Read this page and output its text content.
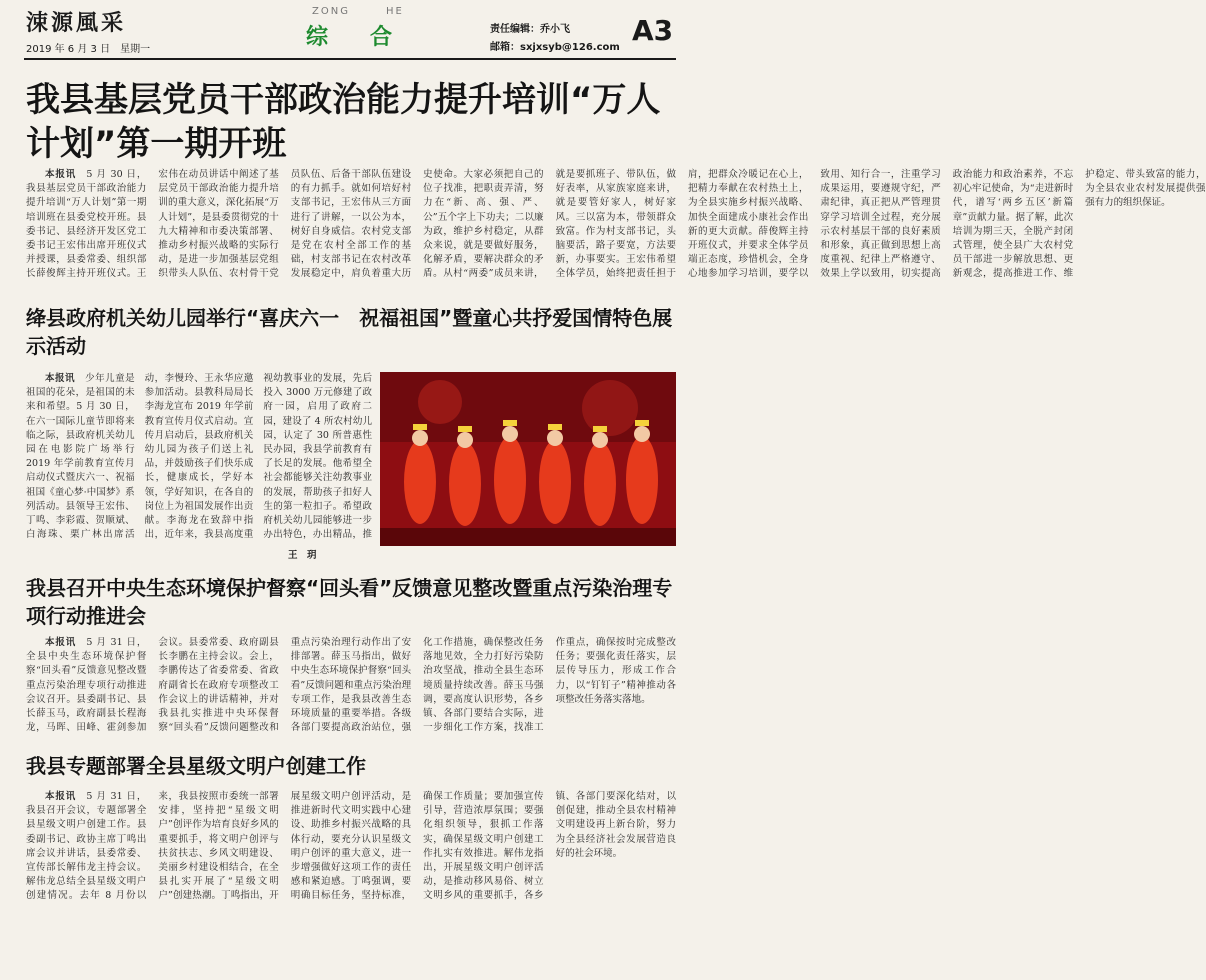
涑源風采
2019 年 6 月 3 日　星期一
ZONG	HE
综 合	责任编辑：乔小飞
邮箱：sxjxsyb@126.com
A3
我县基层党员干部政治能力提升培训“万人计划”第一期开班

本报讯　 5 月 30 日，我县基层党员干部政治能力提升培训“万人计划”第一期培训班在县委党校开班。县委书记、县经济开发区党工委书记王宏伟出席开班仪式并授课，县委常委、组织部长薛俊辉主持开班仪式。王宏伟在动员讲话中阐述了基层党员干部政治能力提升培训的重大意义，深化拓展“万人计划”，是县委贯彻党的十九大精神和市委决策部署、推动乡村振兴战略的实际行动，是进一步加强基层党组织带头人队伍、农村骨干党员队伍、后备干部队伍建设的有力抓手。就如何培好村支部书记，王宏伟从三方面进行了讲解，一以公为本，树好自身威信。农村党支部是党在农村全部工作的基础，村支部书记在农村改革发展稳定中，肩负着重大历史使命。大家必须把自己的位子找准，把职责弄清，努力在“新、高、强、严、公”五个字上下功夫；二以廉为政，维护乡村稳定，从群众来说，就是要做好服务，化解矛盾，要解决群众的矛盾。从村“两委”成员来讲，就是要抓班子、带队伍，做好表率，从家族家庭来讲，就是要管好家人，树好家风。三以富为本，带领群众致富。作为村支部书记，头脑要活，路子要宽，方法要新，办事要实。王宏伟希望全体学员，始终把责任担于肩，把群众冷暖记在心上，把精力奉献在农村热土上，为全县实施乡村振兴战略、加快全面建成小康社会作出新的更大贡献。薛俊辉主持开班仪式，并要求全体学员端正态度，珍惜机会，全身心地参加学习培训，要学以致用、知行合一，注重学习成果运用，要遵规守纪，严肃纪律，真正把从严管理贯穿学习培训全过程，充分展示农村基层干部的良好素质和形象，真正做到思想上高度重视、纪律上严格遵守、效果上学以致用，切实提高政治能力和政治素养，不忘初心牢记使命，为“走进新时代，谱写‘两乡五区’新篇章”贡献力量。据了解，此次培训为期三天，全脱产封闭式管理，使全县广大农村党员干部进一步解放思想、更新观念，提高推进工作、维护稳定、带头致富的能力，为全县农业农村发展提供强强有力的组织保证。

绛县政府机关幼儿园举行“喜庆六一　祝福祖国”暨童心共抒爱国情特色展示活动

本报讯　 少年儿童是祖国的花朵，是祖国的未来和希望。5 月 30 日，在六一国际儿童节即将来临之际，县政府机关幼儿园在电影院广场举行 2019 年学前教育宣传月启动仪式暨庆六一、祝福祖国《童心梦·中国梦》系列活动。县领导王宏伟、丁鸣、李彩霞、贺顺斌、白海珠、栗广林出席活动，李慢玲、王永华应邀参加活动。县教科局局长李海龙宣布 2019 年学前教育宣传月仪式启动。宣传月启动后，县政府机关幼儿园为孩子们送上礼品，并鼓励孩子们快乐成长，健康成长，学好本领，学好知识，在各自的岗位上为祖国发展作出贡献。李海龙在致辞中指出，近年来，我县高度重视幼教事业的发展，先后投入 3000 万元修建了政府一园，启用了政府二园，建设了 4 所农村幼儿园，认定了 30 所普惠性民办园，我县学前教育有了长足的发展。他希望全社会都能够关注幼教事业的发展，帮助孩子扣好人生的第一粒扣子。希望政府机关幼儿园能够进一步办出特色，办出精品，推

王　玥
我县召开中央生态环境保护督察“回头看”反馈意见整改暨重点污染治理专项行动推进会

本报讯　 5 月 31 日，全县中央生态环境保护督察“回头看”反馈意见整改暨重点污染治理专项行动推进会议召开。县委副书记、县长薛玉马，政府副县长程海龙，马晖、田峰、霍剑参加会议。县委常委、政府副县长李鹏在主持会议。会上，李鹏传达了省委常委、省政府副省长在政府专项整改工作会议上的讲话精神，并对我县扎实推进中央环保督察“回头看”反馈问题整改和重点污染治理行动作出了安排部署。薛玉马指出，做好中央生态环境保护督察“回头看”反馈问题和重点污染治理专项工作，是我县改善生态环境质量的重要举措。各级各部门要提高政治站位，强化工作措施，确保整改任务落地见效，全力打好污染防治攻坚战，推动全县生态环境质量持续改善。薛玉马强调，要高度认识形势，各乡镇、各部门要结合实际，进一步细化工作方案，找准工作重点，确保按时完成整改任务；要强化责任落实，层层传导压力，形成工作合力，以“钉钉子”精神推动各项整改任务落实落地。

我县专题部署全县星级文明户创建工作

本报讯　 5 月 31 日，我县召开会议，专题部署全县星级文明户创建工作。县委副书记、政协主席丁鸣出席会议并讲话，县委常委、宣传部长解伟龙主持会议。解伟龙总结全县星级文明户创建情况。去年 8 月份以来，我县按照市委统一部署安排，坚持把“星级文明户”创评作为培育良好乡风的重要抓手，将文明户创评与扶贫扶志、乡风文明建设、美丽乡村建设相结合，在全县扎实开展了“星级文明户”创建热潮。丁鸣指出，开展星级文明户创评活动，是推进新时代文明实践中心建设、助推乡村振兴战略的具体行动，要充分认识星级文明户创评的重大意义，进一步增强做好这项工作的责任感和紧迫感。丁鸣强调，要明确目标任务，坚持标准，确保工作质量；要加强宣传引导，营造浓厚氛围；要强化组织领导，狠抓工作落实，确保星级文明户创建工作扎实有效推进。解伟龙指出，开展星级文明户创评活动，是推动移风易俗、树立文明乡风的重要抓手，各乡镇、各部门要深化结对，以创促建，推动全县农村精神文明建设再上新台阶，努力为全县经济社会发展营造良好的社会环境。
